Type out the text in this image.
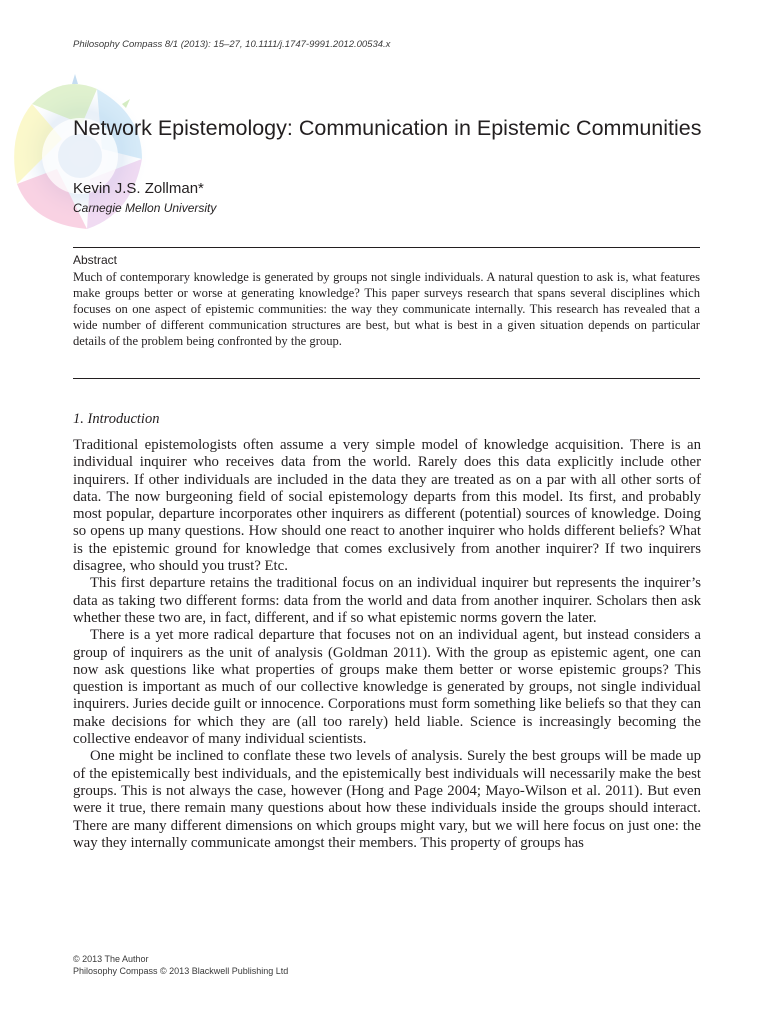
Philosophy Compass 8/1 (2013): 15–27, 10.1111/j.1747-9991.2012.00534.x
Network Epistemology: Communication in Epistemic Communities
Kevin J.S. Zollman*
Carnegie Mellon University
Abstract

Much of contemporary knowledge is generated by groups not single individuals. A natural question to ask is, what features make groups better or worse at generating knowledge? This paper surveys research that spans several disciplines which focuses on one aspect of epistemic communities: the way they communicate internally. This research has revealed that a wide number of different communication structures are best, but what is best in a given situation depends on particular details of the problem being confronted by the group.

1. Introduction

Traditional epistemologists often assume a very simple model of knowledge acquisition. There is an individual inquirer who receives data from the world. Rarely does this data explicitly include other inquirers. If other individuals are included in the data they are treated as on a par with all other sorts of data. The now burgeoning field of social epistemology departs from this model. Its first, and probably most popular, departure incorporates other inquirers as different (potential) sources of knowledge. Doing so opens up many questions. How should one react to another inquirer who holds different beliefs? What is the epistemic ground for knowledge that comes exclusively from another inquirer? If two inquirers disagree, who should you trust? Etc.

This first departure retains the traditional focus on an individual inquirer but represents the inquirer’s data as taking two different forms: data from the world and data from another inquirer. Scholars then ask whether these two are, in fact, different, and if so what epistemic norms govern the later.

There is a yet more radical departure that focuses not on an individual agent, but instead considers a group of inquirers as the unit of analysis (Goldman 2011). With the group as epistemic agent, one can now ask questions like what properties of groups make them better or worse epistemic groups? This question is important as much of our collective knowledge is generated by groups, not single individual inquirers. Juries decide guilt or innocence. Corporations must form something like beliefs so that they can make decisions for which they are (all too rarely) held liable. Science is increasingly becoming the collective endeavor of many individual scientists.

One might be inclined to conflate these two levels of analysis. Surely the best groups will be made up of the epistemically best individuals, and the epistemically best individuals will necessarily make the best groups. This is not always the case, however (Hong and Page 2004; Mayo-Wilson et al. 2011). But even were it true, there remain many questions about how these individuals inside the groups should interact. There are many different dimensions on which groups might vary, but we will here focus on just one: the way they internally communicate amongst their members. This property of groups has

© 2013 The Author
Philosophy Compass © 2013 Blackwell Publishing Ltd
